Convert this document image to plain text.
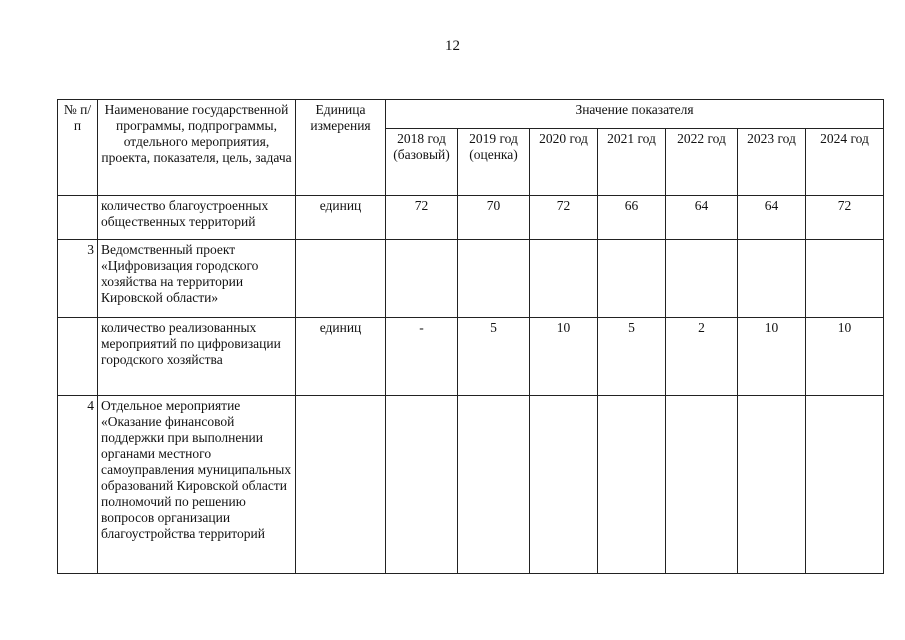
12
№ п/п	Наименование государственной программы, подпрограммы, отдельного мероприятия, проекта, показателя, цель, задача	Единица измерения	Значение показателя						
			2018 год (базовый)	2019 год (оценка)	2020 год	2021 год	2022 год	2023 год	2024 год
	количество благоустроенных общественных территорий	единиц	72	70	72	66	64	64	72
3	Ведомственный проект «Цифровизация городского хозяйства на территории Кировской области»								
	количество реализованных мероприятий по цифровизации городского хозяйства	единиц	-	5	10	5	2	10	10
4	Отдельное мероприятие «Оказание финансовой поддержки при выполнении органами местного самоуправления муниципальных образований Кировской области полномочий по решению вопросов организации благоустройства территорий								
